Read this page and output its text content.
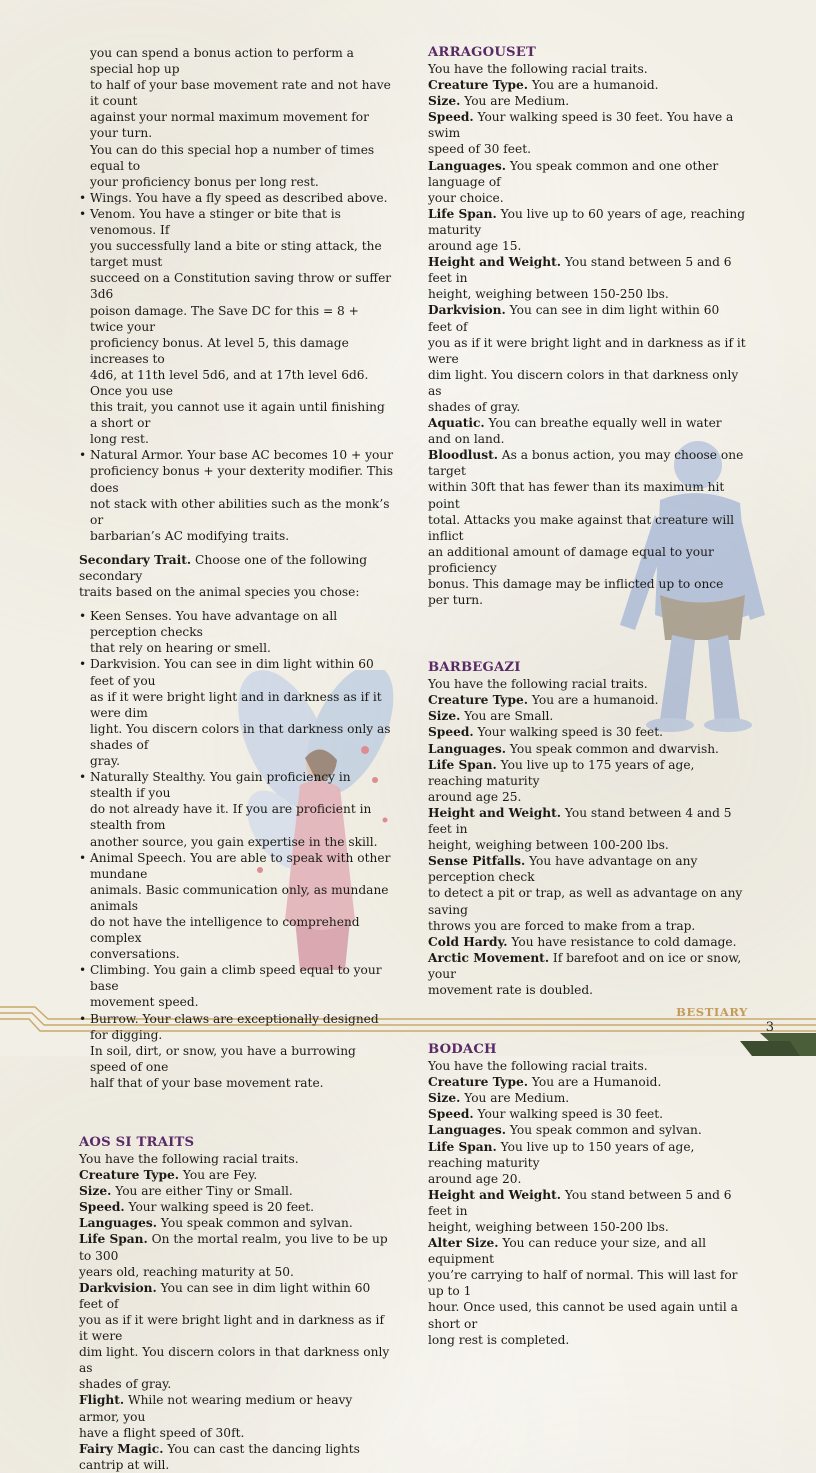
you can spend a bonus action to perform a special hop up

to half of your base movement rate and not have it count

against your normal maximum movement for your turn.

You can do this special hop a number of times equal to

your proficiency bonus per long rest.

• Wings. You have a fly speed as described above.

• Venom. You have a stinger or bite that is venomous. If

you successfully land a bite or sting attack, the target must

succeed on a Constitution saving throw or suffer 3d6

poison damage. The Save DC for this = 8 + twice your

proficiency bonus. At level 5, this damage increases to

4d6, at 11th level 5d6, and at 17th level 6d6. Once you use

this trait, you cannot use it again until finishing a short or

long rest.

• Natural Armor. Your base AC becomes 10 + your

proficiency bonus + your dexterity modifier. This does

not stack with other abilities such as the monk’s or

barbarian’s AC modifying traits.

Secondary Trait. Choose one of the following secondary

traits based on the animal species you chose:

• Keen Senses. You have advantage on all perception checks

that rely on hearing or smell.

• Darkvision. You can see in dim light within 60 feet of you

as if it were bright light and in darkness as if it were dim

light. You discern colors in that darkness only as shades of

gray.

• Naturally Stealthy. You gain proficiency in stealth if you

do not already have it. If you are proficient in stealth from

another source, you gain expertise in the skill.

• Animal Speech. You are able to speak with other mundane

animals. Basic communication only, as mundane animals

do not have the intelligence to comprehend complex

conversations.

• Climbing. You gain a climb speed equal to your base

movement speed.

• Burrow. Your claws are exceptionally designed for digging.

In soil, dirt, or snow, you have a burrowing speed of one

half that of your base movement rate.

AOS SI TRAITS

You have the following racial traits.

Creature Type. You are Fey.

Size. You are either Tiny or Small.

Speed. Your walking speed is 20 feet.

Languages. You speak common and sylvan.

Life Span. On the mortal realm, you live to be up to 300

years old, reaching maturity at 50.

Darkvision. You can see in dim light within 60 feet of

you as if it were bright light and in darkness as if it were

dim light. You discern colors in that darkness only as

shades of gray.

Flight. While not wearing medium or heavy armor, you

have a flight speed of 30ft.

Fairy Magic. You can cast the dancing lights cantrip at will.

ARRAGOUSET

You have the following racial traits.

Creature Type. You are a humanoid.

Size. You are Medium.

Speed. Your walking speed is 30 feet. You have a swim

speed of 30 feet.

Languages. You speak common and one other language of

your choice.

Life Span. You live up to 60 years of age, reaching maturity

around age 15.

Height and Weight. You stand between 5 and 6 feet in

height, weighing between 150-250 lbs.

Darkvision. You can see in dim light within 60 feet of

you as if it were bright light and in darkness as if it were

dim light. You discern colors in that darkness only as

shades of gray.

Aquatic. You can breathe equally well in water and on land.

Bloodlust. As a bonus action, you may choose one target

within 30ft that has fewer than its maximum hit point

total. Attacks you make against that creature will inflict

an additional amount of damage equal to your proficiency

bonus. This damage may be inflicted up to once per turn.

BARBEGAZI

You have the following racial traits.

Creature Type. You are a humanoid.

Size. You are Small.

Speed. Your walking speed is 30 feet.

Languages. You speak common and dwarvish.

Life Span. You live up to 175 years of age, reaching maturity

around age 25.

Height and Weight. You stand between 4 and 5 feet in

height, weighing between 100-200 lbs.

Sense Pitfalls. You have advantage on any perception check

to detect a pit or trap, as well as advantage on any saving

throws you are forced to make from a trap.

Cold Hardy. You have resistance to cold damage.

Arctic Movement. If barefoot and on ice or snow, your

movement rate is doubled.

BODACH

You have the following racial traits.

Creature Type. You are a Humanoid.

Size. You are Medium.

Speed. Your walking speed is 30 feet.

Languages. You speak common and sylvan.

Life Span. You live up to 150 years of age, reaching maturity

around age 20.

Height and Weight. You stand between 5 and 6 feet in

height, weighing between 150-200 lbs.

Alter Size. You can reduce your size, and all equipment

you’re carrying to half of normal. This will last for up to 1

hour. Once used, this cannot be used again until a short or

long rest is completed.

BESTIARY
3
